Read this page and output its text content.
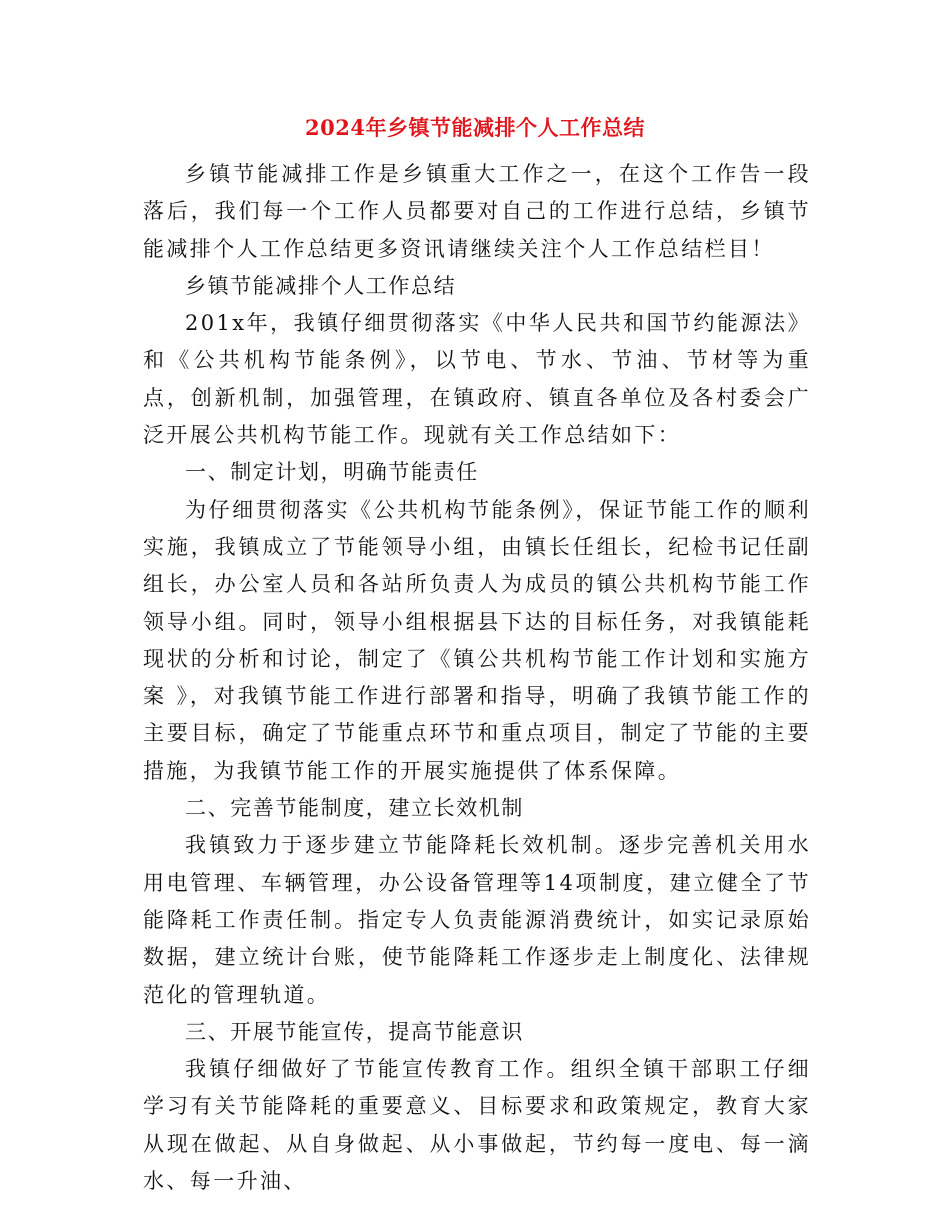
2024年乡镇节能减排个人工作总结

乡镇节能减排工作是乡镇重大工作之一，在这个工作告一段落后，我们每一个工作人员都要对自己的工作进行总结，乡镇节能减排个人工作总结更多资讯请继续关注个人工作总结栏目！

乡镇节能减排个人工作总结

201x年，我镇仔细贯彻落实《中华人民共和国节约能源法》和《公共机构节能条例》，以节电、节水、节油、节材等为重点，创新机制，加强管理，在镇政府、镇直各单位及各村委会广泛开展公共机构节能工作。现就有关工作总结如下：

一、制定计划，明确节能责任

为仔细贯彻落实《公共机构节能条例》，保证节能工作的顺利实施，我镇成立了节能领导小组，由镇长任组长，纪检书记任副组长，办公室人员和各站所负责人为成员的镇公共机构节能工作领导小组。同时，领导小组根据县下达的目标任务，对我镇能耗现状的分析和讨论，制定了《镇公共机构节能工作计划和实施方案 》，对我镇节能工作进行部署和指导，明确了我镇节能工作的主要目标，确定了节能重点环节和重点项目，制定了节能的主要措施，为我镇节能工作的开展实施提供了体系保障。

二、完善节能制度，建立长效机制

我镇致力于逐步建立节能降耗长效机制。逐步完善机关用水用电管理、车辆管理，办公设备管理等14项制度，建立健全了节能降耗工作责任制。指定专人负责能源消费统计，如实记录原始数据，建立统计台账，使节能降耗工作逐步走上制度化、法律规范化的管理轨道。

三、开展节能宣传，提高节能意识

我镇仔细做好了节能宣传教育工作。组织全镇干部职工仔细学习有关节能降耗的重要意义、目标要求和政策规定，教育大家从现在做起、从自身做起、从小事做起，节约每一度电、每一滴水、每一升油、
